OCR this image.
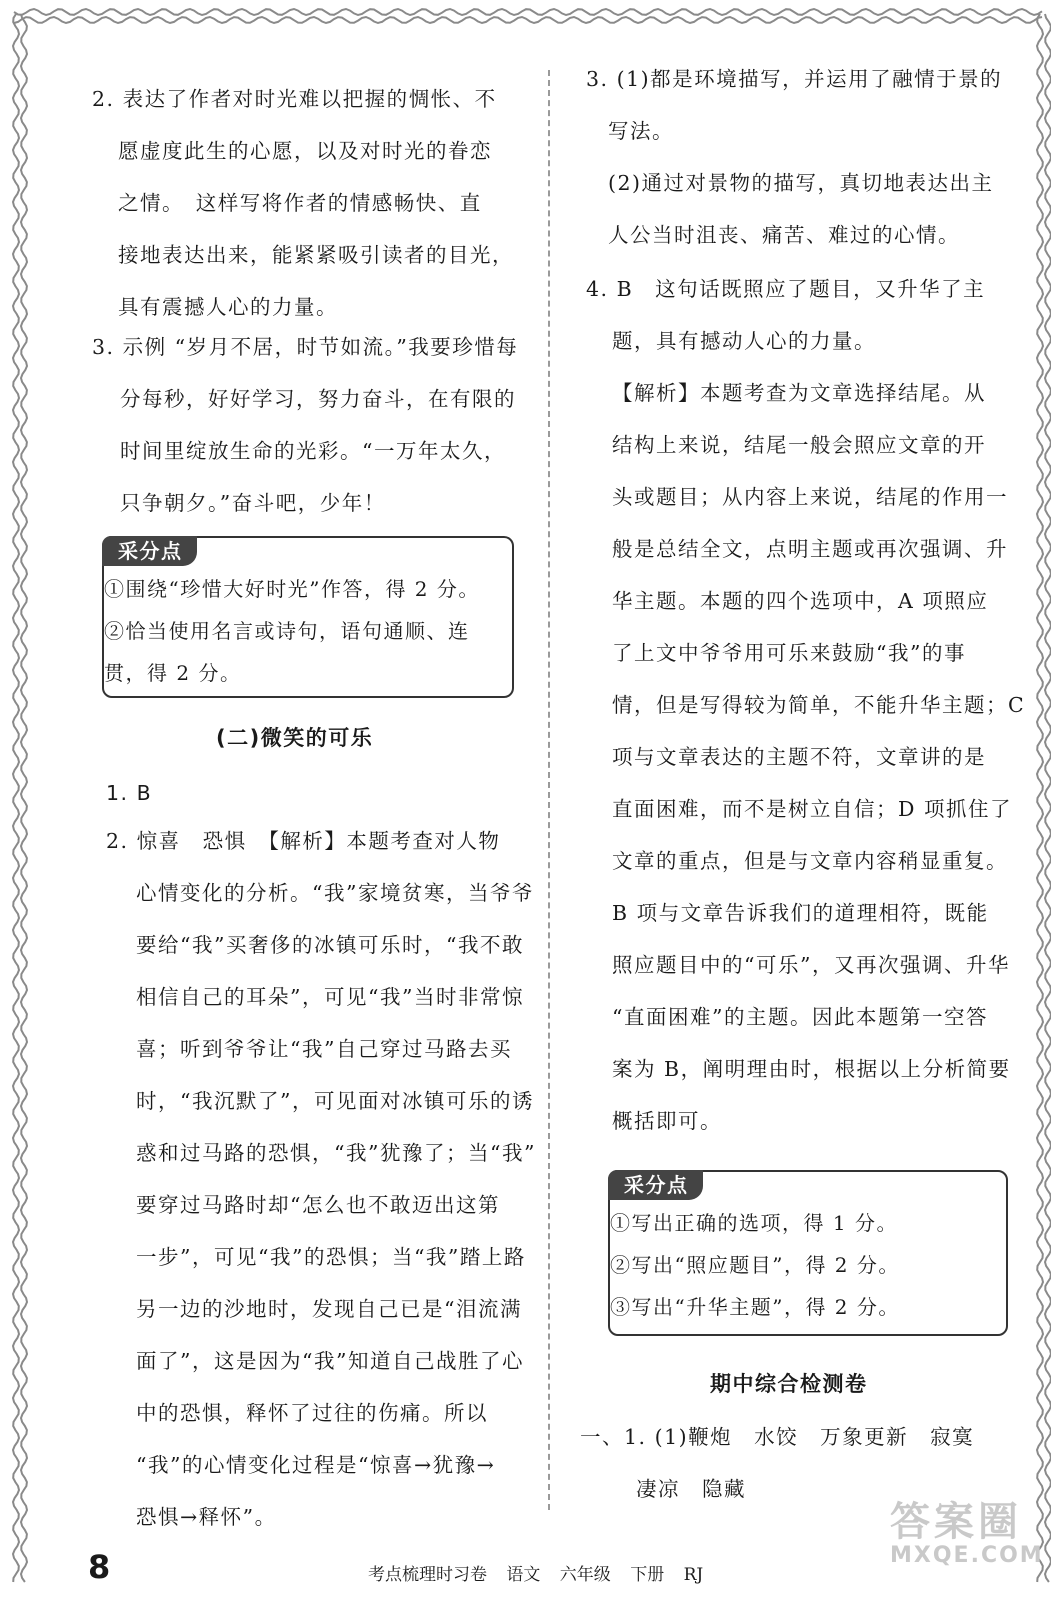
2. 表达了作者对时光难以把握的惆怅、不
愿虚度此生的心愿，以及对时光的眷恋
之情。　这样写将作者的情感畅快、直
接地表达出来，能紧紧吸引读者的目光，
具有震撼人心的力量。
3. 示例 “岁月不居，时节如流。”我要珍惜每
分每秒，好好学习，努力奋斗，在有限的
时间里绽放生命的光彩。“一万年太久，
只争朝夕。”奋斗吧，少年！
采分点
①围绕“珍惜大好时光”作答，得 2 分。
②恰当使用名言或诗句，语句通顺、连
贯，得 2 分。
(二)微笑的可乐
1. B
2. 惊喜　恐惧　【解析】本题考查对人物
心情变化的分析。“我”家境贫寒，当爷爷
要给“我”买奢侈的冰镇可乐时，“我不敢
相信自己的耳朵”，可见“我”当时非常惊
喜；听到爷爷让“我”自己穿过马路去买
时，“我沉默了”，可见面对冰镇可乐的诱
惑和过马路的恐惧，“我”犹豫了；当“我”
要穿过马路时却“怎么也不敢迈出这第
一步”，可见“我”的恐惧；当“我”踏上路
另一边的沙地时，发现自己已是“泪流满
面了”，这是因为“我”知道自己战胜了心
中的恐惧，释怀了过往的伤痛。所以
“我”的心情变化过程是“惊喜→犹豫→
恐惧→释怀”。
3. (1)都是环境描写，并运用了融情于景的
写法。
(2)通过对景物的描写，真切地表达出主
人公当时沮丧、痛苦、难过的心情。
4. B　这句话既照应了题目，又升华了主
题，具有撼动人心的力量。
【解析】本题考查为文章选择结尾。从
结构上来说，结尾一般会照应文章的开
头或题目；从内容上来说，结尾的作用一
般是总结全文，点明主题或再次强调、升
华主题。本题的四个选项中，A 项照应
了上文中爷爷用可乐来鼓励“我”的事
情，但是写得较为简单，不能升华主题；C
项与文章表达的主题不符，文章讲的是
直面困难，而不是树立自信；D 项抓住了
文章的重点，但是与文章内容稍显重复。
B 项与文章告诉我们的道理相符，既能
照应题目中的“可乐”，又再次强调、升华
“直面困难”的主题。因此本题第一空答
案为 B，阐明理由时，根据以上分析简要
概括即可。
采分点
①写出正确的选项，得 1 分。
②写出“照应题目”，得 2 分。
③写出“升华主题”，得 2 分。
期中综合检测卷
一、1. (1)鞭炮　水饺　万象更新　寂寞
凄凉　隐藏
8	考点梳理时习卷 语文 六年级 下册 RJ
答案圈
MXQE.COM
